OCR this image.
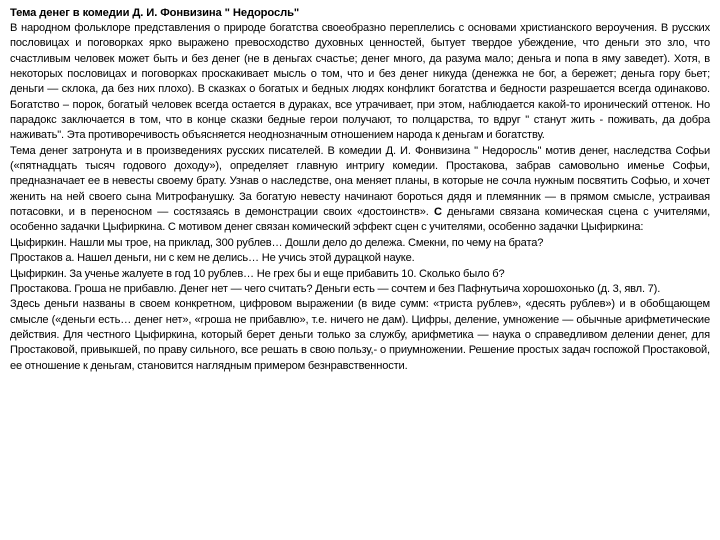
Тема денег в комедии Д. И. Фонвизина " Недоросль"

В народном фольклоре представления о природе богатства своеобразно переплелись с основами христианского вероучения. В русских пословицах и поговорках ярко выражено превосходство духовных ценностей, бытует твердое убеждение, что деньги это зло, что счастливым человек может быть и без денег (не в деньгах счастье; денег много, да разума мало; деньга и попа в яму заведет). Хотя, в некоторых пословицах и поговорках проскакивает мысль о том, что и без денег никуда (денежка не бог, а бережет; деньга гору бьет; деньги — склока, да без них плохо). В сказках о богатых и бедных людях конфликт богатства и бедности разрешается всегда одинаково. Богатство – порок, богатый человек всегда остается в дураках, все утрачивает, при этом, наблюдается какой-то иронический оттенок. Но парадокс заключается в том, что в конце сказки бедные герои получают, то полцарства, то вдруг " станут жить - поживать, да добра наживать". Эта противоречивость объясняется неоднозначным отношением народа к деньгам и богатству.

Тема денег затронута и в произведениях русских писателей. В комедии Д. И. Фонвизина " Недоросль" мотив денег, наследства Софьи («пятнадцать тысяч годового доходу»), определяет главную интригу комедии. Простакова, забрав самовольно именье Софьи, предназначает ее в невесты своему брату. Узнав о наследстве, она меняет планы, в которые не сочла нужным посвятить Софью, и хочет женить на ней своего сына Митрофанушку. За богатую невесту начинают бороться дядя и племянник — в прямом смысле, устраивая потасовки, и в переносном — состязаясь в демонстрации своих «достоинств». С деньгами связана комическая сцена с учителями, особенно задачки Цыфиркина. С мотивом денег связан комический эффект сцен с учителями, особенно задачки Цыфиркина:

Цыфиркин. Нашли мы трое, на приклад, 300 рублев… Дошли дело до дележа. Смекни, по чему на брата?

Простаков а. Нашел деньги, ни с кем не делись… Не учись этой дурацкой науке.

Цыфиркин. За ученье жалуете в год 10 рублев… Не грех бы и еще прибавить 10. Сколько было б?

Простакова. Гроша не прибавлю. Денег нет — чего считать? Деньги есть — сочтем и без Пафнутьича хорошохонько (д. 3, явл. 7).

Здесь деньги названы в своем конкретном, цифровом выражении (в виде сумм: «триста рублев», «десять рублев») и в обобщающем смысле («деньги есть… денег нет», «гроша не прибавлю», т.е. ничего не дам). Цифры, деление, умножение — обычные арифметические действия. Для честного Цыфиркина, который берет деньги только за службу, арифметика — наука о справедливом делении денег, для Простаковой, привыкшей, по праву сильного, все решать в свою пользу,- о приумножении. Решение простых задач госпожой Простаковой, ее отношение к деньгам, становится наглядным примером безнравственности.
